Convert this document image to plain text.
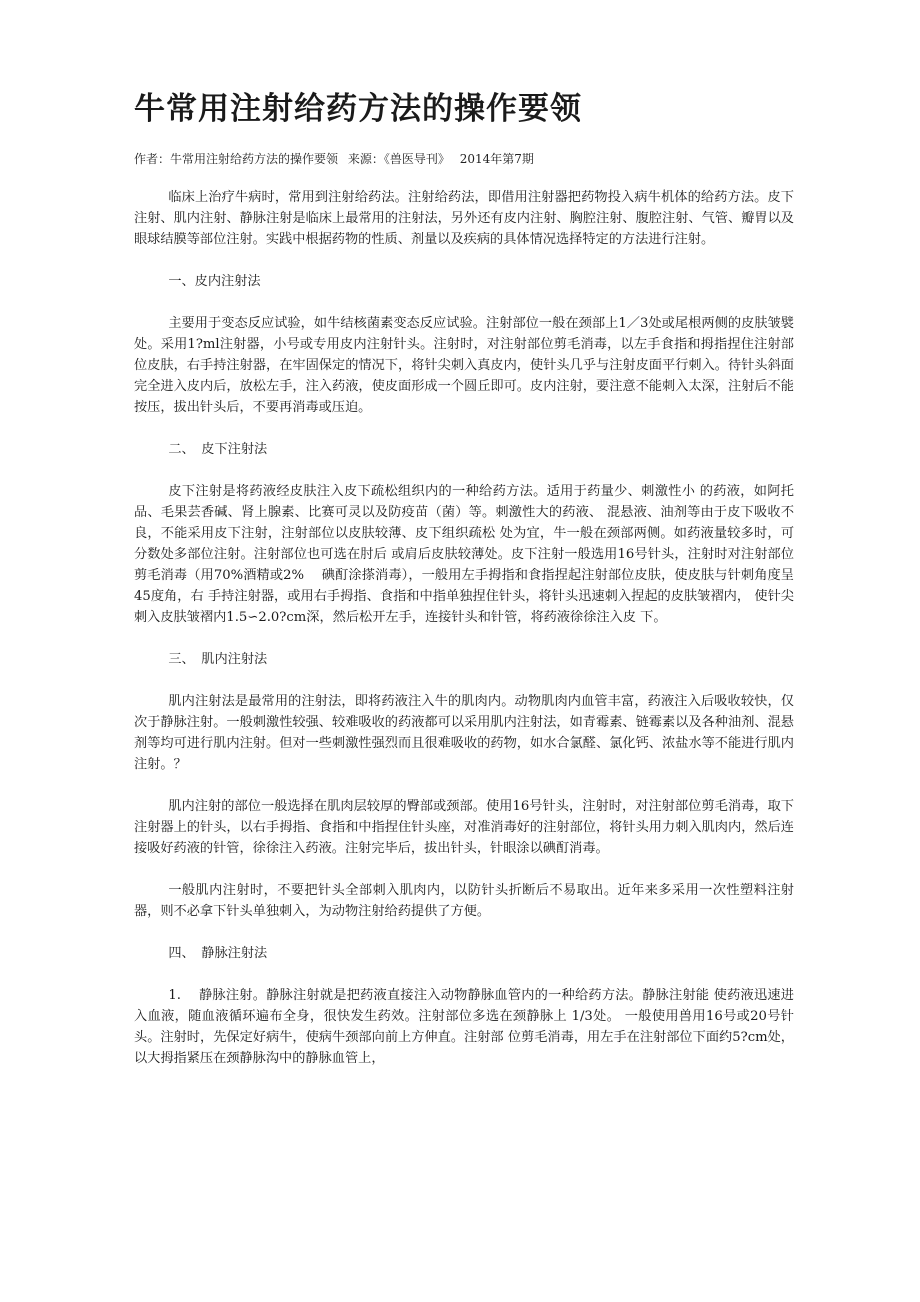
牛常用注射给药方法的操作要领
作者：牛常用注射给药方法的操作要领 来源：《兽医导刊》 2014年第7期

临床上治疗牛病时，常用到注射给药法。注射给药法，即借用注射器把药物投入病牛机体的给药方法。皮下注射、肌内注射、静脉注射是临床上最常用的注射法，另外还有皮内注射、胸腔注射、腹腔注射、气管、瓣胃以及眼球结膜等部位注射。实践中根据药物的性质、剂量以及疾病的具体情况选择特定的方法进行注射。

一、皮内注射法

主要用于变态反应试验，如牛结核菌素变态反应试验。注射部位一般在颈部上1／3处或尾根两侧的皮肤皱襞处。采用1?ml注射器，小号或专用皮内注射针头。注射时，对注射部位剪毛消毒，以左手食指和拇指捏住注射部位皮肤，右手持注射器，在牢固保定的情况下，将针尖刺入真皮内，使针头几乎与注射皮面平行刺入。待针头斜面完全进入皮内后，放松左手，注入药液，使皮面形成一个圆丘即可。皮内注射，要注意不能刺入太深，注射后不能按压，拔出针头后，不要再消毒或压迫。

二、　皮下注射法

皮下注射是将药液经皮肤注入皮下疏松组织内的一种给药方法。适用于药量少、刺激性小 的药液，如阿托品、毛果芸香碱、肾上腺素、比赛可灵以及防疫苗（菌）等。刺激性大的药液、 混悬液、油剂等由于皮下吸收不良，不能采用皮下注射，注射部位以皮肤较薄、皮下组织疏松 处为宜，牛一般在颈部两侧。如药液量较多时，可分数处多部位注射。注射部位也可选在肘后 或肩后皮肤较薄处。皮下注射一般选用16号针头，注射时对注射部位剪毛消毒（用70%酒精或2%　 碘酊涂搽消毒），一般用左手拇指和食指捏起注射部位皮肤，使皮肤与针刺角度呈45度角，右 手持注射器，或用右手拇指、食指和中指单独捏住针头，将针头迅速刺入捏起的皮肤皱褶内， 使针尖刺入皮肤皱褶内1.5∽2.0?cm深，然后松开左手，连接针头和针管，将药液徐徐注入皮 下。

三、　肌内注射法

肌内注射法是最常用的注射法，即将药液注入牛的肌肉内。动物肌肉内血管丰富，药液注入后吸收较快，仅次于静脉注射。一般刺激性较强、较难吸收的药液都可以采用肌内注射法，如青霉素、链霉素以及各种油剂、混悬剂等均可进行肌内注射。但对一些刺激性强烈而且很难吸收的药物，如水合氯醛、氯化钙、浓盐水等不能进行肌内注射。？

肌内注射的部位一般选择在肌肉层较厚的臀部或颈部。使用16号针头，注射时，对注射部位剪毛消毒，取下注射器上的针头，以右手拇指、食指和中指捏住针头座，对准消毒好的注射部位，将针头用力刺入肌肉内，然后连接吸好药液的针管，徐徐注入药液。注射完毕后，拔出针头，针眼涂以碘酊消毒。

一般肌内注射时，不要把针头全部刺入肌肉内，以防针头折断后不易取出。近年来多采用一次性塑料注射器，则不必拿下针头单独刺入，为动物注射给药提供了方便。

四、　静脉注射法

1.　 静脉注射。静脉注射就是把药液直接注入动物静脉血管内的一种给药方法。静脉注射能 使药液迅速进入血液，随血液循环遍布全身，很快发生药效。注射部位多选在颈静脉上 1/3处。 一般使用兽用16号或20号针头。注射时，先保定好病牛，使病牛颈部向前上方伸直。注射部 位剪毛消毒，用左手在注射部位下面约5?cm处，以大拇指紧压在颈静脉沟中的静脉血管上，
